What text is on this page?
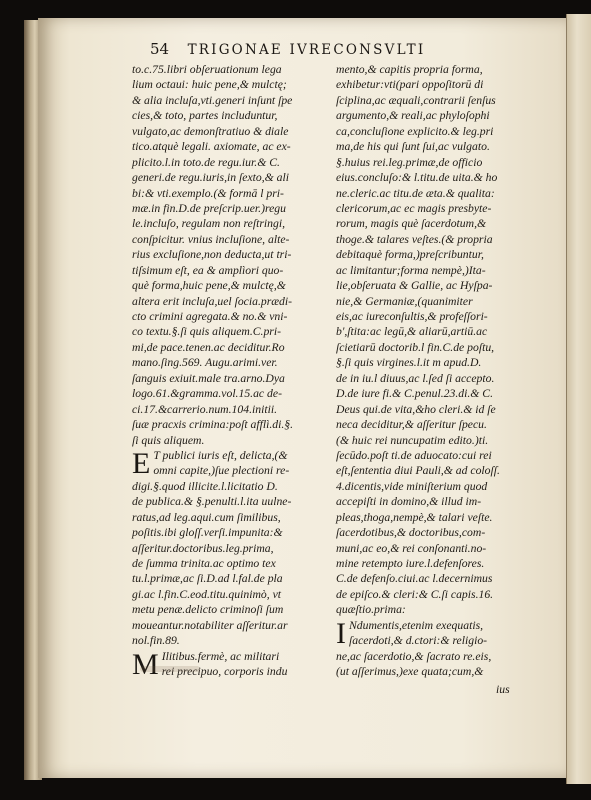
54 TRIGONAE IVRECONSVLTI
to.c.75.libri obſeruationum lega
lium octaui: huic pene,& mulctę;
& alia incluſa,vti.generi inſunt ſpe
cies,& toto, partes includuntur,
vulgato,ac demonſtratiuo & diale
tico.atquè legali. axiomate, ac ex-
plicito.l.in toto.de regu.iur.& C.
generi.de regu.iuris,in ſexto,& ali
bi:& vti.exemplo.(& formā l pri-
mæ.in fin.D.de preſcrip.uer.)regu
le.incluſo, regulam non reſtringi,
conſpicitur. vnius incluſione, alte-
rius excluſione,non deducta,ut tri-
tiſsimum eſt, ea & amplìori quo-
què forma,huic pene,& mulctę,&
altera erit incluſa,uel ſocia.prædi-
cto crimini agregata.& no.& vni-
co textu.§.ſi quis aliquem.C.pri-
mi,de pace.tenen.ac deciditur.Ro
mano.ſing.569. Augu.arimi.ver.
ſanguis exiuit.male tra.arno.Dya
logo.61.&gramma.vol.15.ac de-
ci.17.&carrerio.num.104.initii.
ſuæ pracxis crimina:poſt afflì.di.§.
ſi quis aliquem.
E T publici iuris eſt, delicta,(&
omni capite,)ſue plectioni re-
digi.§.quod illicite.l.licitatio D.
de publica.& §.penulti.l.ita uulne-
ratus,ad leg.aqui.cum ſimilibus,
poſitis.ibi gloſſ.verſi.impunita:&
aſſeritur.doctoribus.leg.prima,
de ſumma trinita.ac optimo tex
tu.l.primæ,ac ſi.D.ad l.fal.de pla
gi.ac l.fin.C.eod.titu.quinimò, vt
metu penæ.delicto criminoſi ſum
moueantur.notabiliter aſſeritur.ar
nol.fin.89.
M Ilitibus.fermè, ac militari
rei precipuo, corporis indu
mento,& capitis propria forma,
exhibetur:vti(pari oppoſitorū di
ſciplina,ac æquali,contrarii ſenſus
argumento,& reali,ac phyloſophi
ca,concluſione explicito.& leg.pri
ma,de his qui ſunt ſui,ac vulgato.
§.huius rei.leg.primæ,de officio
eius.concluſo:& l.titu.de uita.& ho
ne.cleric.ac titu.de æta.& qualita:
clericorum,ac ec magis presbyte-
rorum, magis què ſacerdotum,&
thoge.& talares veſtes.(& propria
debitaquè forma,)preſcribuntur,
ac limitantur;forma nempè,)Ita-
lie,obſeruata & Gallie, ac Hyſpa-
nie,& Germaniæ,(quanimiter
eis,ac iureconſultis,& profeſſori-
b',ſtita:ac legū,& aliarū,artiū.ac
ſcietiarū doctorib.l fin.C.de poſtu,
§.ſi quis virgines.l.it m apud.D.
de in iu.l diuus,ac l.ſed ſi accepto.
D.de iure fi.& C.penul.23.di.& C.
Deus qui.de vita,&ho cleri.& id ſe
neca deciditur,& aſſeritur ſpecu.
(& huic rei nuncupatim edito.)ti.
ſecūdo.poſt ti.de aduocato:cui rei
eſt,ſententia diui Pauli,& ad coloſſ.
4.dicentis,vide miniſterium quod
accepiſti in domino,& illud im-
pleas,thoga,nempè,& talari veſte.
ſacerdotibus,& doctoribus,com-
muni,ac eo,& rei conſonanti.no-
mine retempto iure.l.defenſores.
C.de defenſo.ciui.ac l.decernimus
de epiſco.& cleri:& C.ſi capis.16.
quæſtio.prima:
I Ndumentis,etenim exequatis,
ſacerdoti,& d.ctori:& religio-
ne,ac ſacerdotio,& ſacrato re.eis,
(ut aſſerimus,)exe quata;cum,&
ius
